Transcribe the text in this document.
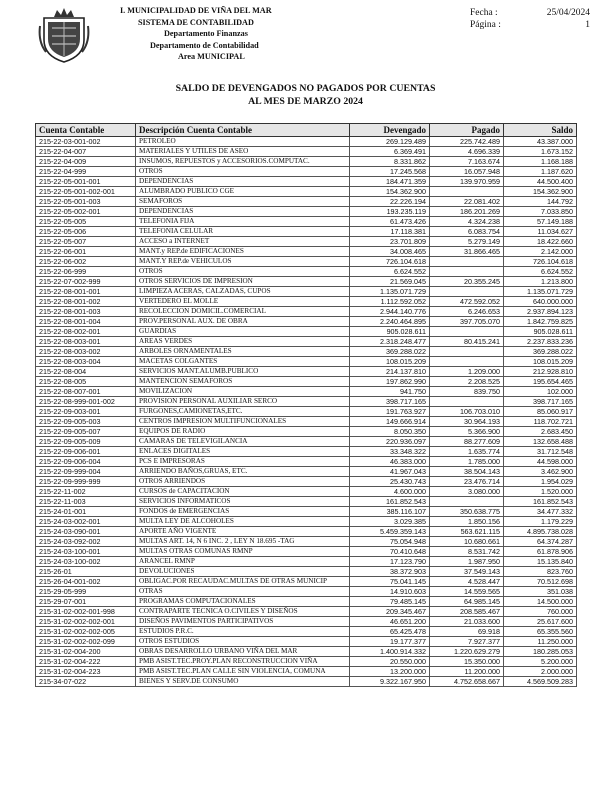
I. MUNICIPALIDAD DE VIÑA DEL MAR
SISTEMA DE CONTABILIDAD
Departamento Finanzas
Departamento de Contabilidad
Area MUNICIPAL
Fecha :	25/04/2024
Página :	1
SALDO DE DEVENGADOS NO PAGADOS POR CUENTAS
AL MES DE MARZO 2024
Cuenta Contable	Descripción Cuenta Contable	Devengado	Pagado	Saldo
215-22-03-001-002	PETROLEO	269.129.489	225.742.489	43.387.000
215-22-04-007	MATERIALES Y UTILES DE ASEO	6.369.491	4.696.339	1.673.152
215-22-04-009	INSUMOS, REPUESTOS y ACCESORIOS.COMPUTAC.	8.331.862	7.163.674	1.168.188
215-22-04-999	OTROS	17.245.568	16.057.948	1.187.620
215-22-05-001-001	DEPENDENCIAS	184.471.359	139.970.959	44.500.400
215-22-05-001-002-001	ALUMBRADO PUBLICO CGE	154.362.900		154.362.900
215-22-05-001-003	SEMAFOROS	22.226.194	22.081.402	144.792
215-22-05-002-001	DEPENDENCIAS	193.235.119	186.201.269	7.033.850
215-22-05-005	TELEFONIA FIJA	61.473.426	4.324.238	57.149.188
215-22-05-006	TELEFONIA CELULAR	17.118.381	6.083.754	11.034.627
215-22-05-007	ACCESO a INTERNET	23.701.809	5.279.149	18.422.660
215-22-06-001	MANT.y REP.de EDIFICACIONES	34.008.465	31.866.465	2.142.000
215-22-06-002	MANT.Y REP.de VEHICULOS	726.104.618		726.104.618
215-22-06-999	OTROS	6.624.552		6.624.552
215-22-07-002-999	OTROS SERVICIOS DE IMPRESION	21.569.045	20.355.245	1.213.800
215-22-08-001-001	LIMPIEZA ACERAS, CALZADAS, CUPOS	1.135.071.729		1.135.071.729
215-22-08-001-002	VERTEDERO EL MOLLE	1.112.592.052	472.592.052	640.000.000
215-22-08-001-003	RECOLECCION DOMICIL.COMERCIAL	2.944.140.776	6.246.653	2.937.894.123
215-22-08-001-004	PROV.PERSONAL AUX. DE OBRA	2.240.464.895	397.705.070	1.842.759.825
215-22-08-002-001	GUARDIAS	905.028.611		905.028.611
215-22-08-003-001	AREAS VERDES	2.318.248.477	80.415.241	2.237.833.236
215-22-08-003-002	ARBOLES ORNAMENTALES	369.288.022		369.288.022
215-22-08-003-004	MACETAS COLGANTES	108.015.209		108.015.209
215-22-08-004	SERVICIOS MANT.ALUMB.PUBLICO	214.137.810	1.209.000	212.928.810
215-22-08-005	MANTENCION SEMAFOROS	197.862.990	2.208.525	195.654.465
215-22-08-007-001	MOVILIZACION	941.750	839.750	102.000
215-22-08-999-001-002	PROVISION PERSONAL AUXILIAR SERCO	398.717.165		398.717.165
215-22-09-003-001	FURGONES,CAMIONETAS,ETC.	191.763.927	106.703.010	85.060.917
215-22-09-005-003	CENTROS IMPRESION MULTIFUNCIONALES	149.666.914	30.964.193	118.702.721
215-22-09-005-007	EQUIPOS DE RADIO	8.050.350	5.366.900	2.683.450
215-22-09-005-009	CAMARAS DE TELEVIGILANCIA	220.936.097	88.277.609	132.658.488
215-22-09-006-001	ENLACES DIGITALES	33.348.322	1.635.774	31.712.548
215-22-09-006-004	PCS E IMPRESORAS	46.383.000	1.785.000	44.598.000
215-22-09-999-004	ARRIENDO BAÑOS,GRUAS, ETC.	41.967.043	38.504.143	3.462.900
215-22-09-999-999	OTROS ARRIENDOS	25.430.743	23.476.714	1.954.029
215-22-11-002	CURSOS de CAPACITACION	4.600.000	3.080.000	1.520.000
215-22-11-003	SERVICIOS INFORMATICOS	161.852.543		161.852.543
215-24-01-001	FONDOS de EMERGENCIAS	385.116.107	350.638.775	34.477.332
215-24-03-002-001	MULTA LEY DE ALCOHOLES	3.029.385	1.850.156	1.179.229
215-24-03-090-001	APORTE AÑO VIGENTE	5.459.359.143	563.621.115	4.895.738.028
215-24-03-092-002	MULTAS ART. 14, N 6 INC. 2 , LEY N 18.695 -TAG	75.054.948	10.680.661	64.374.287
215-24-03-100-001	MULTAS OTRAS COMUNAS RMNP	70.410.648	8.531.742	61.878.906
215-24-03-100-002	ARANCEL RMNP	17.123.790	1.987.950	15.135.840
215-26-01	DEVOLUCIONES	38.372.903	37.549.143	823.760
215-26-04-001-002	OBLIGAC.POR RECAUDAC.MULTAS DE OTRAS MUNICIP	75.041.145	4.528.447	70.512.698
215-29-05-999	OTRAS	14.910.603	14.559.565	351.038
215-29-07-001	PROGRAMAS COMPUTACIONALES	79.485.145	64.985.145	14.500.000
215-31-02-002-001-998	CONTRAPARTE TECNICA O.CIVILES Y DISEÑOS	209.345.467	208.585.467	760.000
215-31-02-002-002-001	DISEÑOS PAVIMENTOS PARTICIPATIVOS	46.651.200	21.033.600	25.617.600
215-31-02-002-002-005	ESTUDIOS P.R.C.	65.425.478	69.918	65.355.560
215-31-02-002-002-099	OTROS ESTUDIOS	19.177.377	7.927.377	11.250.000
215-31-02-004-200	OBRAS DESARROLLO URBANO VIÑA DEL MAR	1.400.914.332	1.220.629.279	180.285.053
215-31-02-004-222	PMB ASIST.TEC.PROY.PLAN RECONSTRUCCION VIÑA	20.550.000	15.350.000	5.200.000
215-31-02-004-223	PMB ASIST.TEC.PLAN CALLE SIN VIOLENCIA, COMUNA	13.200.000	11.200.000	2.000.000
215-34-07-022	BIENES Y SERV.DE CONSUMO	9.322.167.950	4.752.658.667	4.569.509.283
